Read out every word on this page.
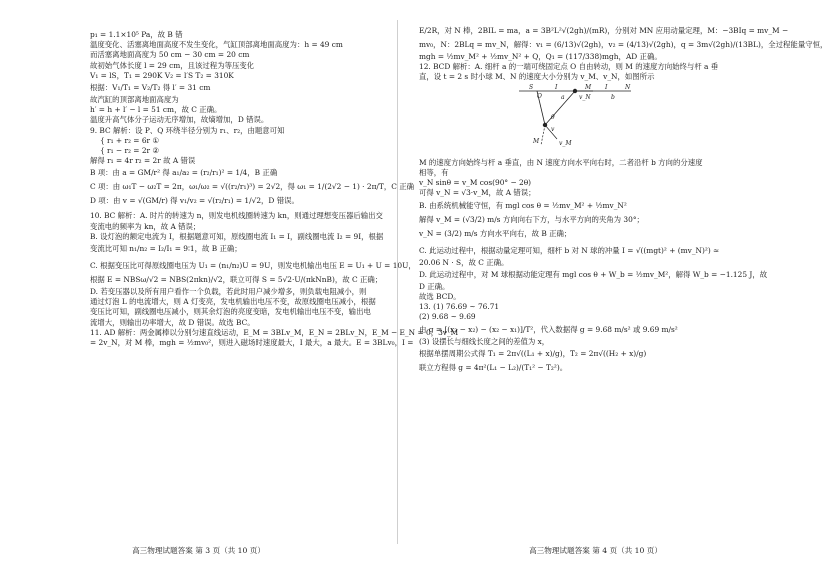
p₁ = 1.1×10⁵ Pa，故 B 错
温度变化、活塞离地面高度不发生变化，气缸顶部离地面高度为：h = 49 cm
而活塞离地面高度为 50 cm − 30 cm = 20 cm
故初始气体长度 l = 29 cm，且该过程为等压变化
V₁ = lS，T₁ = 290K V₂ = l′S T₂ = 310K
根据：V₁/T₁ = V₂/T₂ 得 l′ = 31 cm
故汽缸的顶部离地面高度为
h′ = h + l′ − l = 51 cm，故 C 正确。
温度升高气体分子运动无序增加，故熵增加，D 错误。
9. BC 解析：设 P、Q 环绕半径分别为 r₁、r₂，由题意可知
{ r₁ + r₂ = 6r ①
{ r₁ − r₂ = 2r ②
解得 r₁ = 4r r₂ = 2r 故 A 错误
B 项：由 a = GM/r² 得 a₁/a₂ = (r₂/r₁)² = 1/4，B 正确
C 项：由 ω₁T − ω₂T = 2π，ω₁/ω₂ = √((r₂/r₁)³) = 2√2，得 ω₁ = 1/(2√2 − 1) · 2π/T，C 正确
D 项：由 v = √(GM/r) 得 v₁/v₂ = √(r₂/r₁) = 1/√2，D 错误。
10. BC 解析：A. 时片的转速为 n，则发电机线圈转速为 kn，则通过理想变压器后输出交
变流电的频率为 kn，故 A 错误；
B. 设灯泡的额定电流为 I，根据题意可知，原线圈电流 I₁ = I，副线圈电流 I₂ = 9I，根据
变流比可知 n₁/n₂ = I₂/I₁ = 9∶1，故 B 正确；
C. 根据变压比可得原线圈电压为 U₁ = (n₁/n₂)U = 9U，则发电机输出电压 E = U₁ + U = 10U，
根据 E = NBSω/√2 = NBS(2πkn)/√2，联立可得 S = 5√2·U/(πkNnB)，故 C 正确；
D. 若变压器以及所有用户看作一个负载，若此时用户减少增多，则负载电阻减小，则
通过灯泡 L 的电流增大，则 A 灯变亮，发电机输出电压不变，故原线圈电压减小，根据
变压比可知，副线圈电压减小，则其余灯泡的亮度变暗，发电机输出电压不变，输出电
流增大，则输出功率增大，故 D 错误。故选 BC。
11. AD 解析：两金属棒以分别匀速直线运动，E_M = 3BLv_M，E_N = 2BLv_N，E_M − E_N = 0，3v_M
= 2v_N，对 M 棒，mgh = ½mv₀²，则进入磁场时速度最大，I 最大，a 最大。E = 3BLv₀，I =
E/2R，对 N 棒，2BIL = ma，a = 3B²L²√(2gh)/(mR)，分别对 MN 应用动量定理，M：−3BIq = mv_M −
mv₀，N：2BLq = mv_N，解得：v₁ = (6/13)√(2gh)，v₂ = (4/13)√(2gh)，q = 3m√(2gh)/(13BL)，全过程能量守恒，
mgh = ½mv_M² + ½mv_N² + Q，Q₁ = (117/338)mgh，AD 正确。
12. BCD 解析：A. 细杆 a 的一端可绕固定点 O 自由转动，则 M 的速度方向始终与杆 a 垂
直，设 t = 2 s 时小球 M、N 的速度大小分别为 v_M、v_N，如图所示
S
O
I
a
M I
b
N
v_N
θ
v
M	v_M
M 的速度方向始终与杆 a 垂直，由 N 速度方向水平向右时，二者沿杆 b 方向的分速度
相等，有
v_N sinθ = v_M cos(90° − 2θ)
可得 v_N = √3·v_M，故 A 错误；
B. 由系统机械能守恒，有 mgl cos θ = ½mv_M² + ½mv_N²
解得 v_M = (√3/2) m/s 方向向右下方，与水平方向的夹角为 30°；
v_N = (3/2) m/s 方向水平向右，故 B 正确；
C. 此运动过程中，根据动量定理可知，细杆 b 对 N 球的冲量 I = √((mgt)² + (mv_N)²) ≈
20.06 N · S，故 C 正确。
D. 此运动过程中，对 M 球根据动能定理有 mgl cos θ + W_b = ½mv_M²，解得 W_b = −1.125 J，故
D 正确。
故选 BCD。
13. (1) 76.69 ~ 76.71
(2) 9.68 ~ 9.69
由 g = [(x₃ − x₂) − (x₂ − x₁)]/T²，代入数据得 g = 9.68 m/s² 或 9.69 m/s²
(3) 设摆长与细线长度之间的差值为 x，
根据单摆周期公式得 T₁ = 2π√((L₁ + x)/g)，T₂ = 2π√((H₂ + x)/g)
联立方程得 g = 4π²(L₁ − L₂)/(T₁² − T₂²)。
高三物理试题答案 第 3 页（共 10 页）	高三物理试题答案 第 4 页（共 10 页）
